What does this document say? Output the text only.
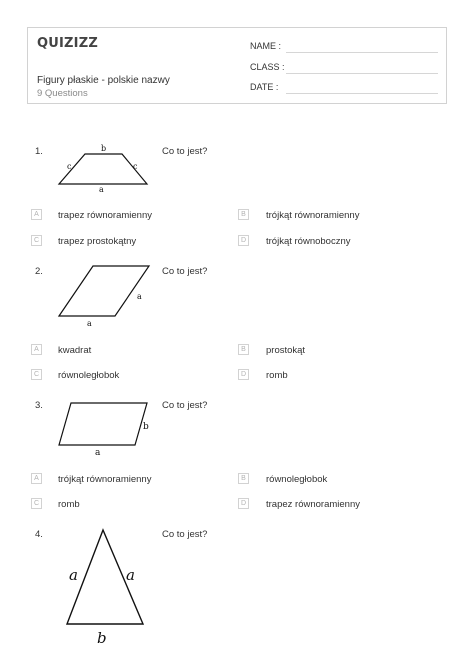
QUIZIZZ
Figury płaskie - polskie nazwy
9 Questions
NAME :
CLASS :
DATE :
1.	Co to jest?
b
c	c
a
A	trapez równoramienny	B	trójkąt równoramienny
C	trapez prostokątny	D	trójkąt równoboczny
2.	Co to jest?
a
a
A	kwadrat	B	prostokąt
C	równoległobok	D	romb
3.	Co to jest?
b
a
A	trójkąt równoramienny	B	równoległobok
C	romb	D	trapez równoramienny
4.	Co to jest?
a	a
b
